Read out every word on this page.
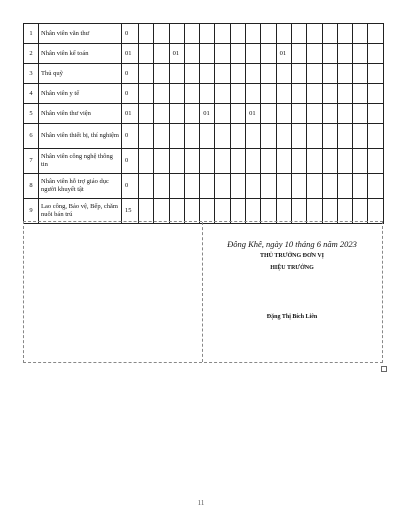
1	Nhân viên văn thư	0																
2	Nhân viên kế toán	01			01							01						
3	Thủ quỹ	0																
4	Nhân viên y tế	0																
5	Nhân viên thư viện	01					01			01								
6	Nhân viên thiết bị, thí nghiệm	0																
7	Nhân viên công nghệ thông tin	0																
8	Nhân viên hỗ trợ giáo dục người khuyết tật	0																
9	Lao công, Bảo vệ, Bếp, chăm nuôi bán trú	15																
Đông Khê, ngày 10 tháng 6 năm 2023
THỦ TRƯỞNG ĐƠN VỊ
HIỆU TRƯỞNG
Đặng Thị Bích Liên
11
